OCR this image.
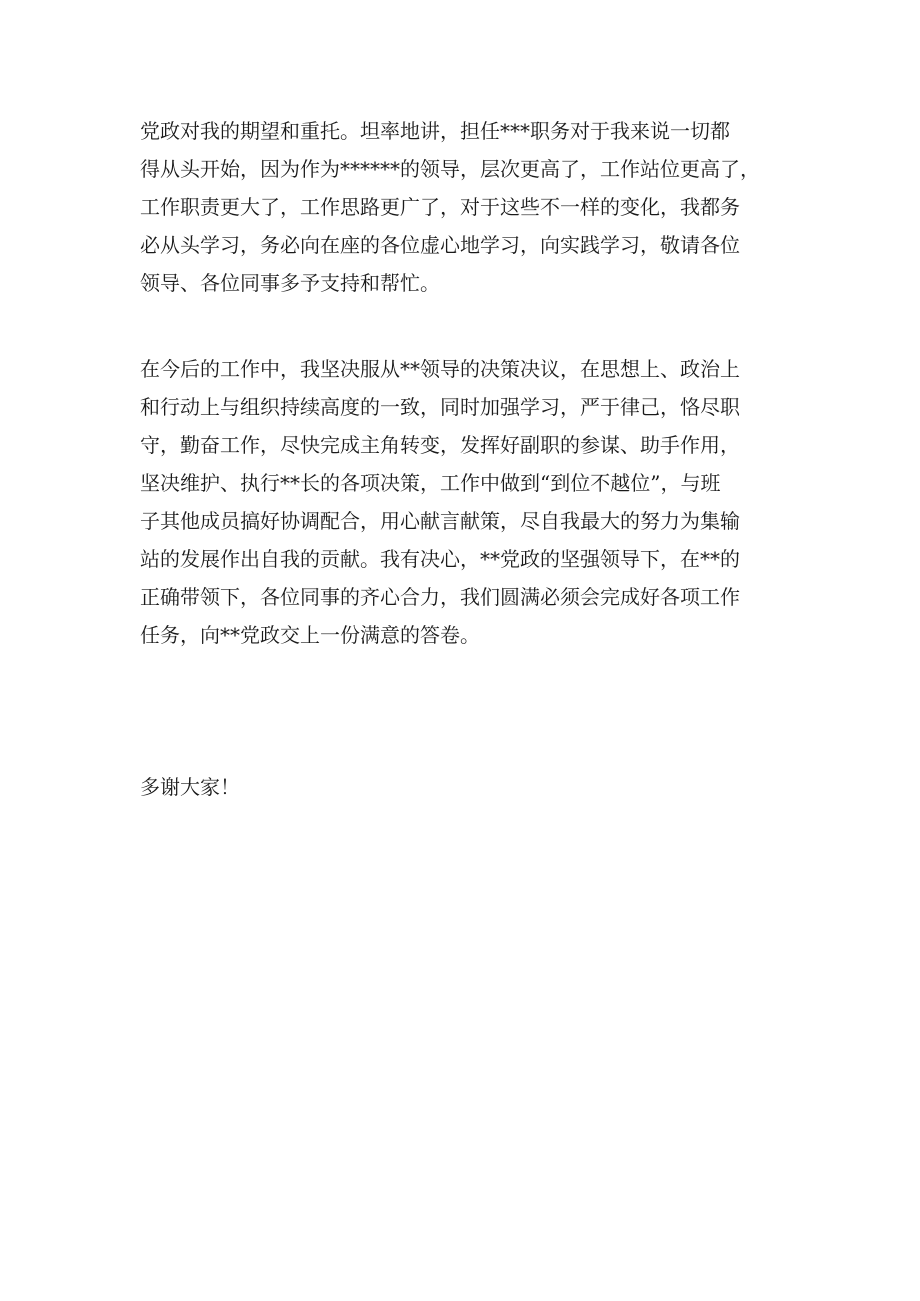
党政对我的期望和重托。坦率地讲，担任***职务对于我来说一切都
得从头开始，因为作为******的领导，层次更高了，工作站位更高了，
工作职责更大了，工作思路更广了，对于这些不一样的变化，我都务
必从头学习，务必向在座的各位虚心地学习，向实践学习，敬请各位
领导、各位同事多予支持和帮忙。
在今后的工作中，我坚决服从**领导的决策决议，在思想上、政治上
和行动上与组织持续高度的一致，同时加强学习，严于律己，恪尽职
守，勤奋工作，尽快完成主角转变，发挥好副职的参谋、助手作用，
坚决维护、执行**长的各项决策，工作中做到“到位不越位”，与班
子其他成员搞好协调配合，用心献言献策，尽自我最大的努力为集输
站的发展作出自我的贡献。我有决心，**党政的坚强领导下，在**的
正确带领下，各位同事的齐心合力，我们圆满必须会完成好各项工作
任务，向**党政交上一份满意的答卷。
多谢大家！
